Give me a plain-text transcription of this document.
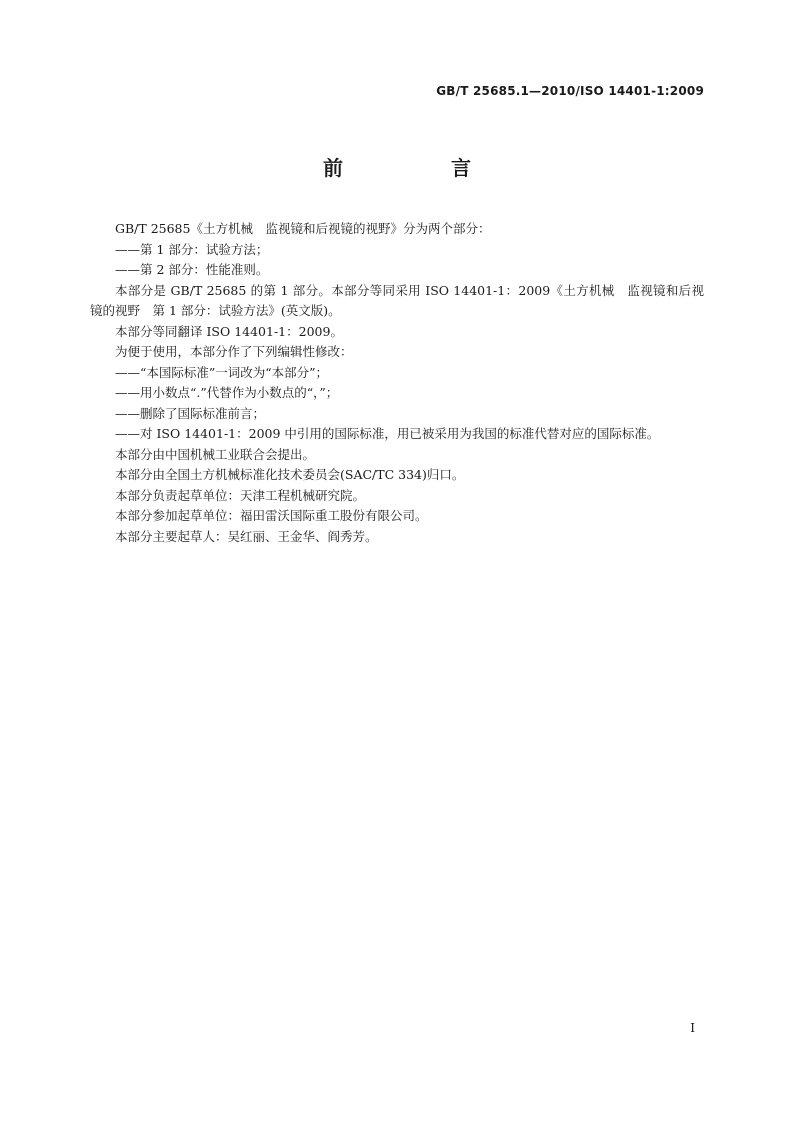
GB/T 25685.1—2010/ISO 14401-1:2009
前　言

GB/T 25685《土方机械　监视镜和后视镜的视野》分为两个部分：

——第 1 部分：试验方法；

——第 2 部分：性能准则。

本部分是 GB/T 25685 的第 1 部分。本部分等同采用 ISO 14401-1：2009《土方机械　监视镜和后视镜的视野　第 1 部分：试验方法》(英文版)。

本部分等同翻译 ISO 14401-1：2009。

为便于使用，本部分作了下列编辑性修改：

——“本国际标准”一词改为“本部分”；

——用小数点“.”代替作为小数点的“，”；

——删除了国际标准前言；

——对 ISO 14401-1：2009 中引用的国际标准，用已被采用为我国的标准代替对应的国际标准。

本部分由中国机械工业联合会提出。

本部分由全国土方机械标准化技术委员会(SAC/TC 334)归口。

本部分负责起草单位：天津工程机械研究院。

本部分参加起草单位：福田雷沃国际重工股份有限公司。

本部分主要起草人：吴红丽、王金华、阎秀芳。

I
